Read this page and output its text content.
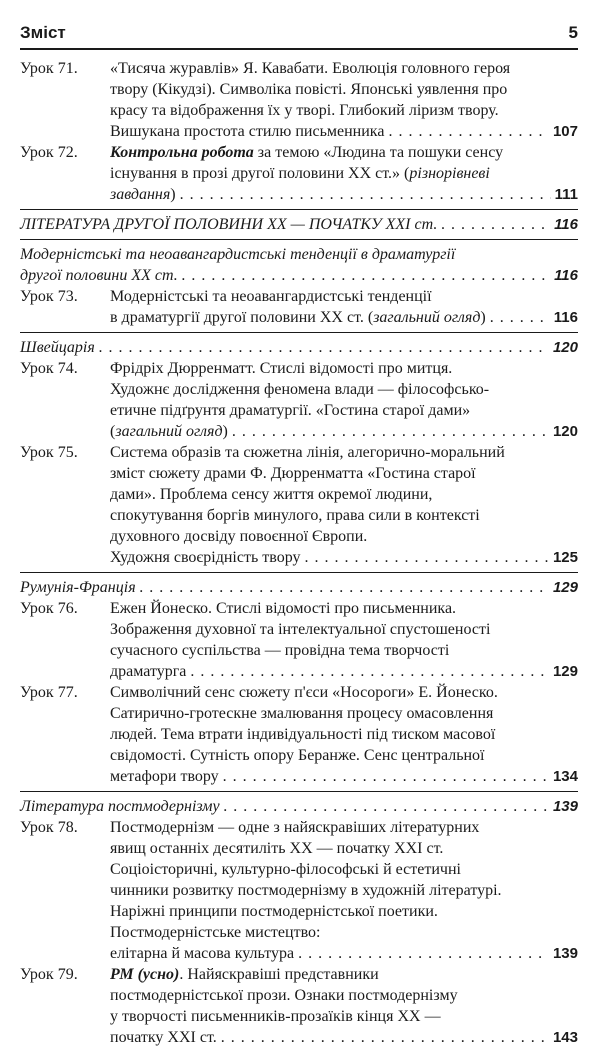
Зміст	5
Урок 71.	«Тисяча журавлів» Я. Кавабати. Еволюція головного героя
твору (Кікудзі). Символіка повісті. Японські уявлення про
красу та відображення їх у творі. Глибокий ліризм твору.
Вишукана простота стилю письменника . . .	107
Урок 72.	Контрольна робота за темою «Людина та пошуки сенсу
існування в прозі другої половини XX ст.» (різнорівневі
завдання) . . .	111
ЛІТЕРАТУРА ДРУГОЇ ПОЛОВИНИ XX — ПОЧАТКУ XXI ст. . . .	116
Модерністські та неоавангардистські тенденції в драматургії
другої половини XX ст. . . .	116
Урок 73.	Модерністські та неоавангардистські тенденції
в драматургії другої половини XX ст. (загальний огляд) . . .	116
Швейцарія . . .	120
Урок 74.	Фрідріх Дюрренматт. Стислі відомості про митця.
Художнє дослідження феномена влади — філософсько-
етичне підґрунтя драматургії. «Гостина старої дами»
(загальний огляд) . . .	120
Урок 75.	Система образів та сюжетна лінія, алегорично-моральний
зміст сюжету драми Ф. Дюрренматта «Гостина старої
дами». Проблема сенсу життя окремої людини,
спокутування боргів минулого, права сили в контексті
духовного досвіду повоєнної Європи.
Художня своєрідність твору . . .	125
Румунія-Франція . . .	129
Урок 76.	Ежен Йонеско. Стислі відомості про письменника.
Зображення духовної та інтелектуальної спустошеності
сучасного суспільства — провідна тема творчості
драматурга . . .	129
Урок 77.	Символічний сенс сюжету п'єси «Носороги» Е. Йонеско.
Сатирично-гротескне змалювання процесу омасовлення
людей. Тема втрати індивідуальності під тиском масової
свідомості. Сутність опору Беранже. Сенс центральної
метафори твору . . .	134
Література постмодернізму . . .	139
Урок 78.	Постмодернізм — одне з найяскравіших літературних
явищ останніх десятиліть XX — початку XXI ст.
Соціоісторичні, культурно-філософські й естетичні
чинники розвитку постмодернізму в художній літературі.
Наріжні принципи постмодерністської поетики.
Постмодерністське мистецтво:
елітарна й масова культура . . .	139
Урок 79.	РМ (усно). Найяскравіші представники
постмодерністської прози. Ознаки постмодернізму
у творчості письменників-прозаїків кінця XX —
початку XXI ст. . . .	143
